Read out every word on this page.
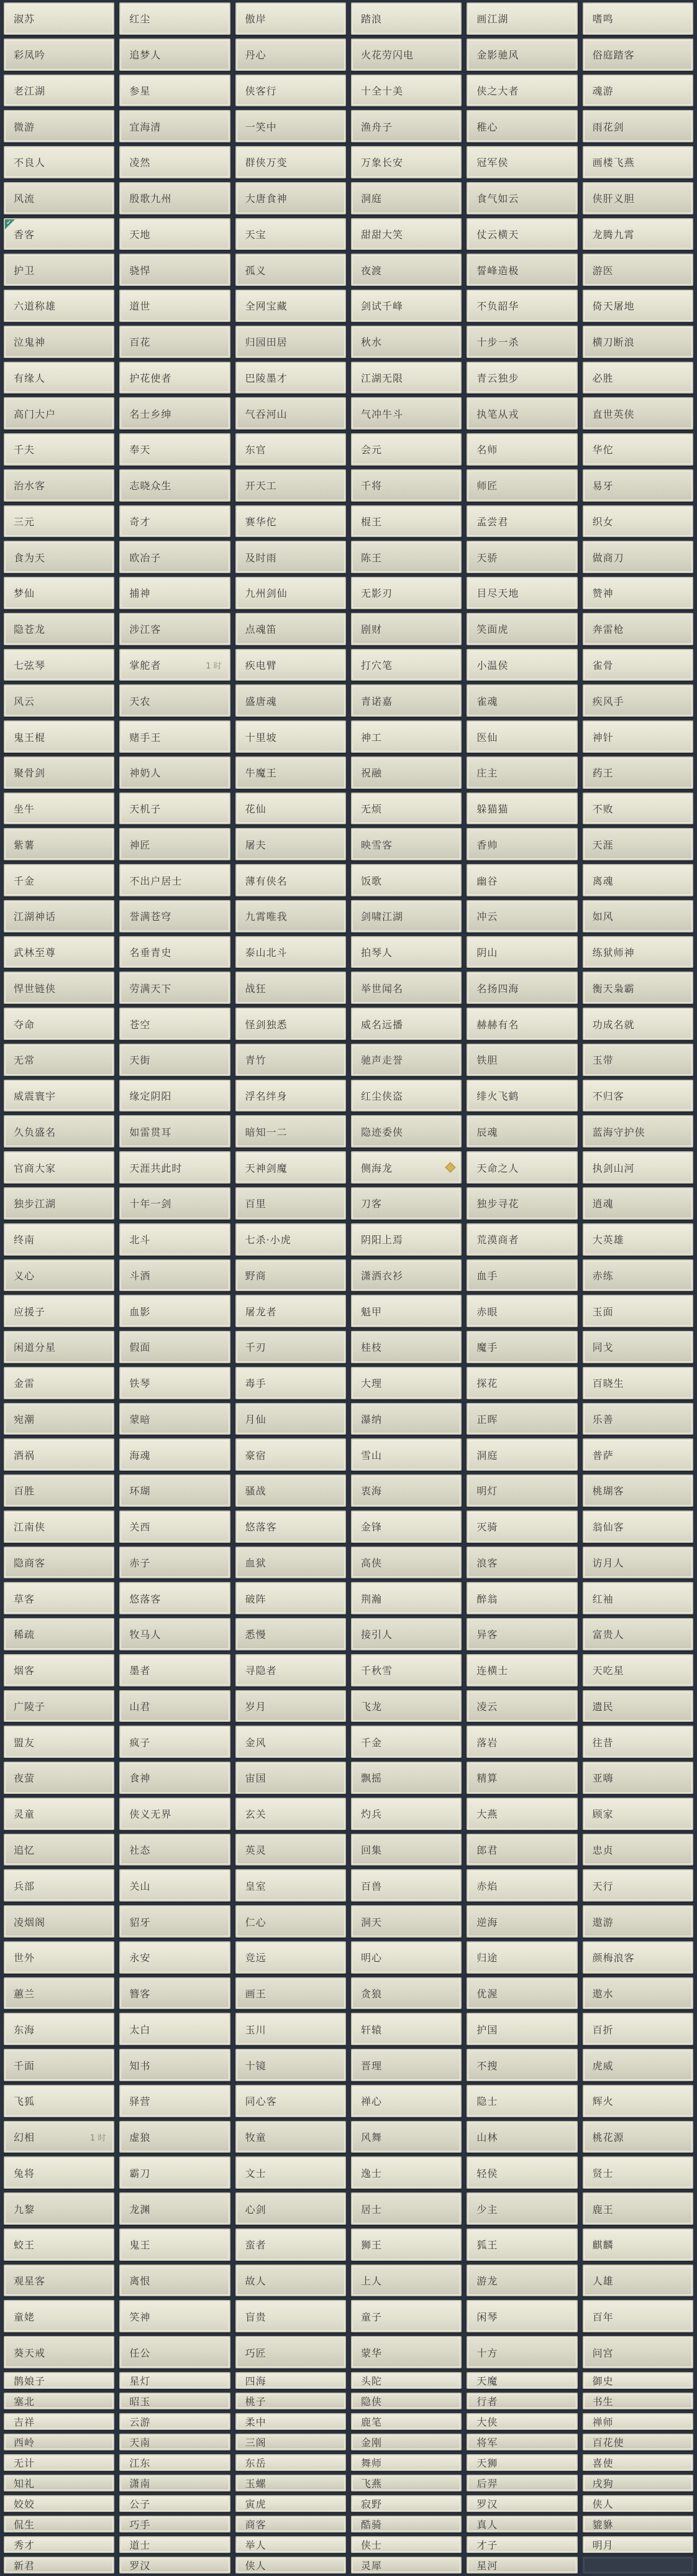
淑苏	红尘	傲岸	踏浪	画江湖	嗜鸣
彩凤吟	追梦人	丹心	火花劳闪电	金影驰风	俗庭踏客
老江湖	参星	侠客行	十全十美	侠之大者	魂游
微游	宜海清	一笑中	渔舟子	稚心	雨花剑
不良人	凌然	群侠万变	万象长安	冠军侯	画楼飞燕
风流	殷歌九州	大唐食神	洞庭	食气如云	侠肝义胆
✓
香客	天地	天宝	甜甜大笑	仗云横天	龙腾九霄
护卫	骁悍	孤义	夜渡	誓峰造极	游医
六道称雄	道世	全网宝藏	剑试千峰	不负韶华	倚天屠地
泣鬼神	百花	归园田居	秋水	十步一杀	横刀断浪
有缘人	护花使者	巴陵墨才	江湖无限	青云独步	必胜
高门大户	名士乡绅	气吞河山	气冲牛斗	执笔从戎	直世英侠
千夫	奉天	东官	会元	名师	华佗
治水客	志晓众生	开天工	千将	师匠	易牙
三元	奇才	赛华佗	棍王	孟尝君	织女
食为天	欧冶子	及时雨	陈王	天骄	做商刀
梦仙	捕神	九州剑仙	无影刃	目尽天地	赞神
隐苍龙	涉江客	点魂笛	剧财	笑面虎	奔雷枪
七弦琴	掌舵者	1 时 疾电臂	打穴笔	小温侯	雀骨
风云	天农	盛唐魂	青诺嘉	雀魂	疾风手
鬼王棍	赌手王	十里坡	神工	医仙	神针
聚骨剑	神奶人	牛魔王	祝融	庄主	药王
坐牛	天机子	花仙	无烦	躲猫猫	不败
紫薯	神匠	屠夫	映雪客	香帅	天涯
千金	不出户居士	薄有侠名	饭歌	幽谷	离魂
江湖神话	誉满苍穹	九霄唯我	剑啸江湖	冲云	如风
武林至尊	名垂青史	泰山北斗	拍琴人	阴山	练狱师神
悍世链侠	劳满天下	战狂	举世闻名	名扬四海	衡天枭霸
夺命	苍空	怪剑独悉	威名远播	赫赫有名	功成名就
无常	天街	青竹	驰声走誉	铁胆	玉带
威震寰宇	缘定阴阳	浮名绊身	红尘侠盗	绯火飞鹤	不归客
久负盛名	如雷贯耳	暗知一二	隐迹委侠	辰魂	蓝海守护侠
官商大家	天涯共此时	天神剑魔	侧海龙	天命之人	执剑山河
独步江湖	十年一剑	百里	刀客	独步寻花	逍魂
终南	北斗	七杀·小虎	阴阳上焉	荒漠商者	大英雄
义心	斗酒	野商	潇洒衣衫	血手	赤练
应援子	血影	屠龙者	魁甲	赤眼	玉面
闲道分星	假面	千刃	桂枝	魔手	同戈
金雷	铁琴	毒手	大理	探花	百晓生
宛潮	蒙暗	月仙	瀑纳	正晖	乐善
酒祸	海魂	豪宿	雪山	洞庭	普萨
百胜	环瑚	骚战	衷海	明灯	桃瑚客
江南侠	关西	悠落客	金锋	灭骑	翁仙客
隐商客	赤子	血狱	高侠	浪客	访月人
草客	悠落客	破阵	荆瀚	醉翁	红袖
稀疏	牧马人	悉慢	接引人	异客	富贵人
烟客	墨者	寻隐者	千秋雪	连横士	天吃星
广陵子	山君	岁月	飞龙	凌云	遗民
盟友	疯子	金风	千金	落岩	往昔
夜萤	食神	宙国	飘摇	精算	亚嗨
灵童	侠义无界	玄关	灼兵	大燕	顾家
追忆	社态	英灵	回集	郎君	忠贞
兵部	关山	皇室	百兽	赤焰	天行
凌烟阁	貂牙	仁心	洞天	逆海	遨游
世外	永安	竞远	明心	归途	颜梅浪客
蕙兰	簪客	画王	贪狼	优渥	遨水
东海	太白	玉川	轩辕	护国	百折
千面	知书	十镜	晋理	不搜	虎威
飞狐	驿营	同心客	禅心	隐士	辉火
幻相	1 时 虚狼	牧童	风舞	山林	桃花源
兔将	霸刀	文士	逸士	轻侯	贤士
九黎	龙渊	心剑	居士	少主	鹿王
蛟王	鬼王	蛮者	狮王	狐王	麒麟
观星客	离恨	故人	上人	游龙	人雄
童姥	笑神	盲贵	童子	闲琴	百年
葵天戒	任公	巧匠	蒙华	十方	问宫
鹊娘子	星灯	四海	头陀	天魔	御史
塞北	昭玉	桃子	隐侠	行者	书生
吉祥	云游	柔中	鹿笔	大侠	禅师
西岭	天南	三阁	金刚	将军	百花使
无计	江东	东岳	舞师	天狮	喜使
知礼	潇南	玉螺	飞燕	后羿	戌狗
姣姣	公子	寅虎	寂野	罗汉	侠人
侃生	巧手	商客	酷骑	真人	貔貅
秀才	道士	举人	侠士	才子	明月
新君	罗汉	侠人	灵犀	星河
